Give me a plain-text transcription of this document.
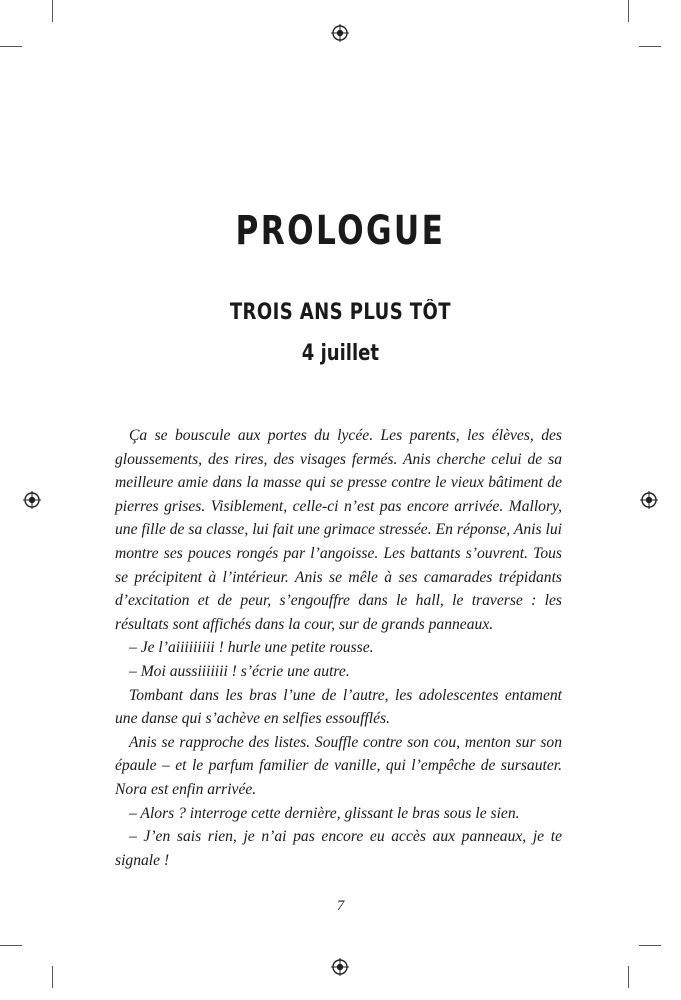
PROLOGUE
TROIS ANS PLUS TÔT
4 juillet

Ça se bouscule aux portes du lycée. Les parents, les élèves, des gloussements, des rires, des visages fermés. Anis cherche celui de sa meilleure amie dans la masse qui se presse contre le vieux bâtiment de pierres grises. Visiblement, celle-ci n’est pas encore arrivée. Mallory, une fille de sa classe, lui fait une grimace stressée. En réponse, Anis lui montre ses pouces rongés par l’angoisse. Les battants s’ouvrent. Tous se précipitent à l’intérieur. Anis se mêle à ses camarades trépidants d’excitation et de peur, s’engouffre dans le hall, le traverse : les résultats sont affichés dans la cour, sur de grands panneaux.

– Je l’aiiiiiiiii ! hurle une petite rousse.

– Moi aussiiiiiii ! s’écrie une autre.

Tombant dans les bras l’une de l’autre, les adolescentes entament une danse qui s’achève en selfies essoufflés.

Anis se rapproche des listes. Souffle contre son cou, menton sur son épaule – et le parfum familier de vanille, qui l’empêche de sursauter. Nora est enfin arrivée.

– Alors ? interroge cette dernière, glissant le bras sous le sien.

– J’en sais rien, je n’ai pas encore eu accès aux panneaux, je te signale !

7
